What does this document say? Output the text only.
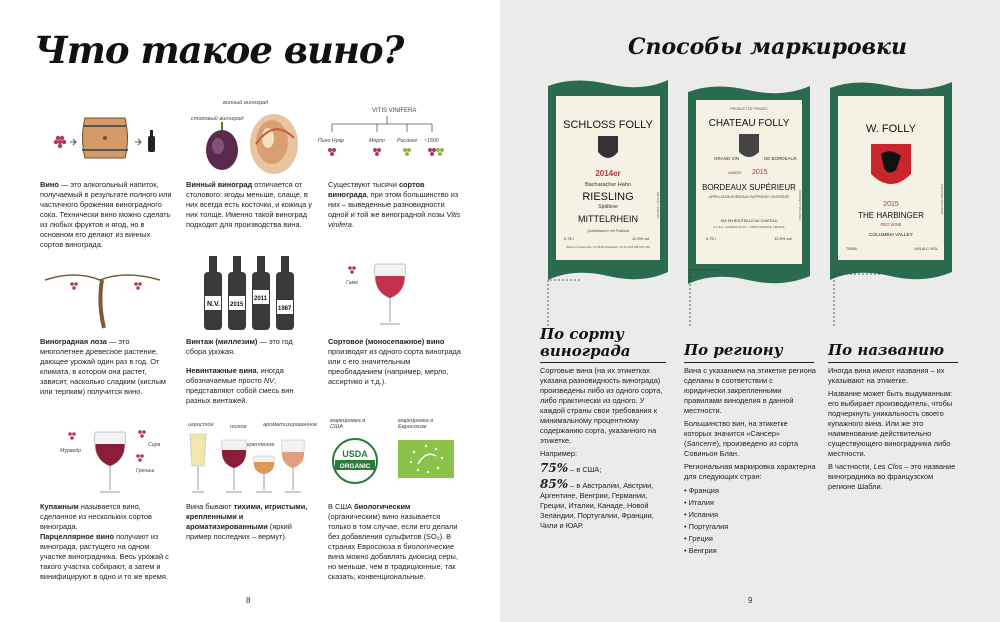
Что такое вино?
винный виноград
столовый виноград
VITIS VINIFERA
Пино Нуар	Мерло Рислинг ~1500
Вино — это алкогольный напиток, получаемый в результате полного или частичного брожения виноградного сока. Технически вино можно сделать из любых фруктов и ягод, но в основном его делают из винных сортов винограда.
Винный виноград отличается от столового: ягоды меньше, слаще, в них всегда есть косточки, и кожица у них толще. Именно такой виноград подходит для производства вина.
Существуют тысячи сортов винограда, при этом большинство из них – выведенные разновидности одной и той же виноградной лозы Vitis vinifera.
N.V. 2015
2011
1987
Гаме
Виноградная лоза — это многолетнее древесное растение, дающее урожай один раз в год. От климата, в котором она растет, зависит, насколько сладким (кислым или терпким) получится вино.
Винтаж (миллезим) — это год сбора урожая.
Невинтажные вина, иногда обозначаемые просто NV, представляют собой смесь вин разных винтажей.
Сортовое (моносепажное) вино производят из одного сорта винограда или с его значительным преобладанием (например, мерло, ассиртико и т.д.).
Мурведр
Сира
Гренаш
игристое	тихое	ароматизированное
крепленое
маркировка в США
маркировка в Евросоюзе
USDA
ORGANIC
Купажным называется вино, сделанное из нескольких сортов винограда.
Парцеллярное вино получают из винограда, растущего на одном участке виноградника. Весь урожай с такого участка собирают, а затем и винифицируют в одно и то же время.
Вина бывают тихими, игристыми, крепленными и ароматизированными (яркий пример последних – вермут).
В США биологическим (органическим) вино называется только в том случае, если его делали без добавления сульфитов (SO₂). В странах Евросоюза в биологические вина можно добавлять диоксид серы, но меньше, чем в традиционные, так сказать, конвенциональные.
8
Способы маркировки
SCHLOSS FOLLY
2014er
Bacharacher Hahn
RIESLING
Spätlese
MITTELRHEIN
Qualitätswein mit Prädikat
0,75 l	11,5% vol
Weingut Schloss Folly • D–55422 Bacharach • AP Nr 2014 458 345 7103
ENTHÄLT SULFITE
PRODUCT OF FRANCE
CHATEAU FOLLY
GRAND VIN	DE BORDEAUX
ANNÉE 2015
BORDEAUX SUPÉRIEUR
APPELLATION BORDEAUX SUPÉRIEUR CONTRÔLÉE
MIS EN BOUTEILLE AU CHATEAU
S.C.E.A. CHATEAU FOLLY • 33500 GIRONDE, FRANCE
0,75 l	13,5% vol
CONTIENT SULFITES
W. FOLLY
2015
THE HARBINGER
RED WINE
COLUMBIA VALLEY
750ML	14% ALC./VOL.
CONTAINS SULFITES
По сорту винограда
Сортовые вина (на их этикетках указана разновидность винограда) произведены либо из одного сорта, либо практически из одного. У каждой страны свои требования к минимальному процентному содержанию сорта, указанного на этикетке.
Например:
75% – в США;
85% – в Австралии, Австрии, Аргентине, Венгрии, Германии, Греции, Италии, Канаде, Новой Зеландии, Португалии, Франции, Чили и ЮАР.
По региону
Вина с указанием на этикетке региона сделаны в соответствии с юридически закрепленными правилами виноделия в данной местности.
Большинство вин, на этикетке которых значится «Сансер» (Sancerre), произведено из сорта Совиньон Блан.
Региональная маркировка характерна для следующих стран:
• Франция
• Италия
• Испания
• Португалия
• Греция
• Венгрия
По названию
Иногда вина имеют названия – их указывают на этикетке.
Название может быть выдуманным: его выбирает производитель, чтобы подчеркнуть уникальность своего купажного вина. Или же это наименование действительно существующего виноградника либо местности.
В частности, Les Clos – это название виноградника во французском регионе Шабли.
9
